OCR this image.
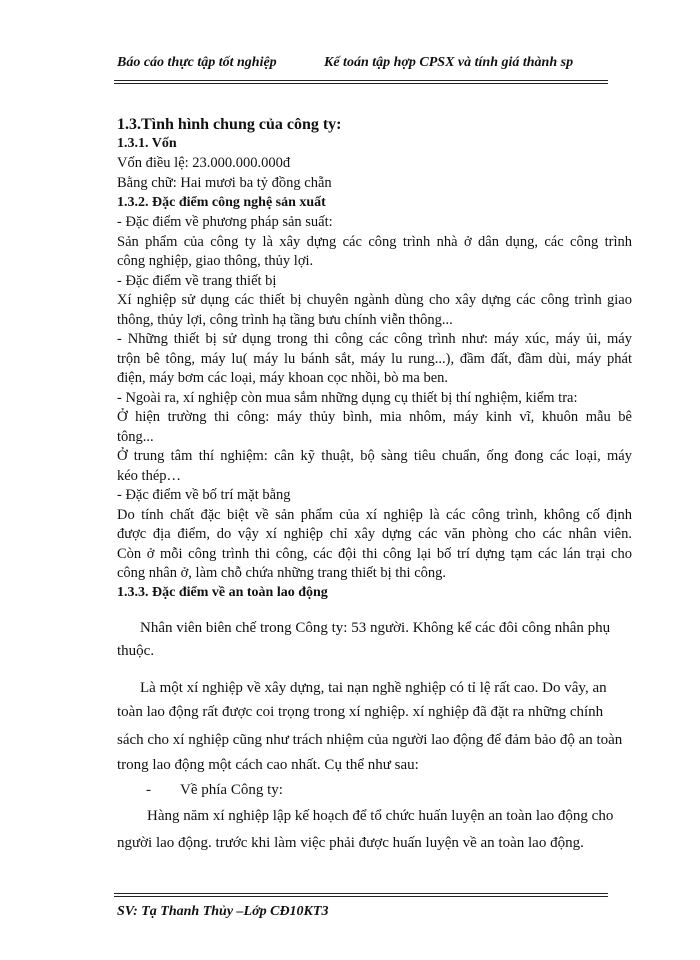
Báo cáo thực tập tốt nghiệp	Kế toán tập hợp CPSX và tính giá thành sp
1.3.Tình hình chung của công ty:
1.3.1. Vốn
Vốn điều lệ: 23.000.000.000đ
Bằng chữ: Hai mươi ba tỷ đồng chẵn
1.3.2. Đặc điểm công nghệ sản xuất
- Đặc điểm về phương pháp sản suất:
Sản phẩm của công ty là xây dựng các công trình nhà ở dân dụng, các công trình
công nghiệp, giao thông, thủy lợi.
- Đặc điểm về trang thiết bị
Xí nghiệp sử dụng các thiết bị chuyên ngành dùng cho xây dựng các công trình giao
thông, thủy lợi, công trình hạ tầng bưu chính viễn thông...
- Những thiết bị sử dụng trong thi công các công trình như: máy xúc, máy ủi, máy
trộn bê tông, máy lu( máy lu bánh sắt, máy lu rung...), đầm đất, đầm dùi, máy phát
điện, máy bơm các loại, máy khoan cọc nhồi, bò ma ben.
- Ngoài ra, xí nghiệp còn mua sắm những dụng cụ thiết bị thí nghiệm, kiểm tra:
Ở hiện trường thi công: máy thủy bình, mia nhôm, máy kinh vĩ, khuôn mẫu bê
tông...
Ở trung tâm thí nghiệm: cân kỹ thuật, bộ sàng tiêu chuẩn, ống đong các loại, máy
kéo thép…
- Đặc điểm về bố trí mặt bằng
Do tính chất đặc biệt về sản phẩm của xí nghiệp là các công trình, không cố định
được địa điểm, do vậy xí nghiệp chỉ xây dựng các văn phòng cho các nhân viên.
Còn ở mỗi công trình thi công, các đội thi công lại bố trí dựng tạm các lán trại cho
công nhân ở, làm chỗ chứa những trang thiết bị thi công.
1.3.3. Đặc điểm về an toàn lao động
Nhân viên biên chế trong Công ty: 53 người. Không kể các đôi công nhân phụ
thuộc.
Là một xí nghiệp về xây dựng, tai nạn nghề nghiệp có tỉ lệ rất cao. Do vây, an
toàn lao động rất được coi trọng trong xí nghiệp. xí nghiệp đã đặt ra những chính
sách cho xí nghiệp cũng như trách nhiệm của người lao động để đảm bảo độ an toàn
trong lao động một cách cao nhất. Cụ thể như sau:
- Về phía Công ty:
Hàng năm xí nghiệp lập kế hoạch để tổ chức huấn luyện an toàn lao động cho
người lao động. trước khi làm việc phải được huấn luyện về an toàn lao động.
SV: Tạ Thanh Thủy –Lớp CĐ10KT3
